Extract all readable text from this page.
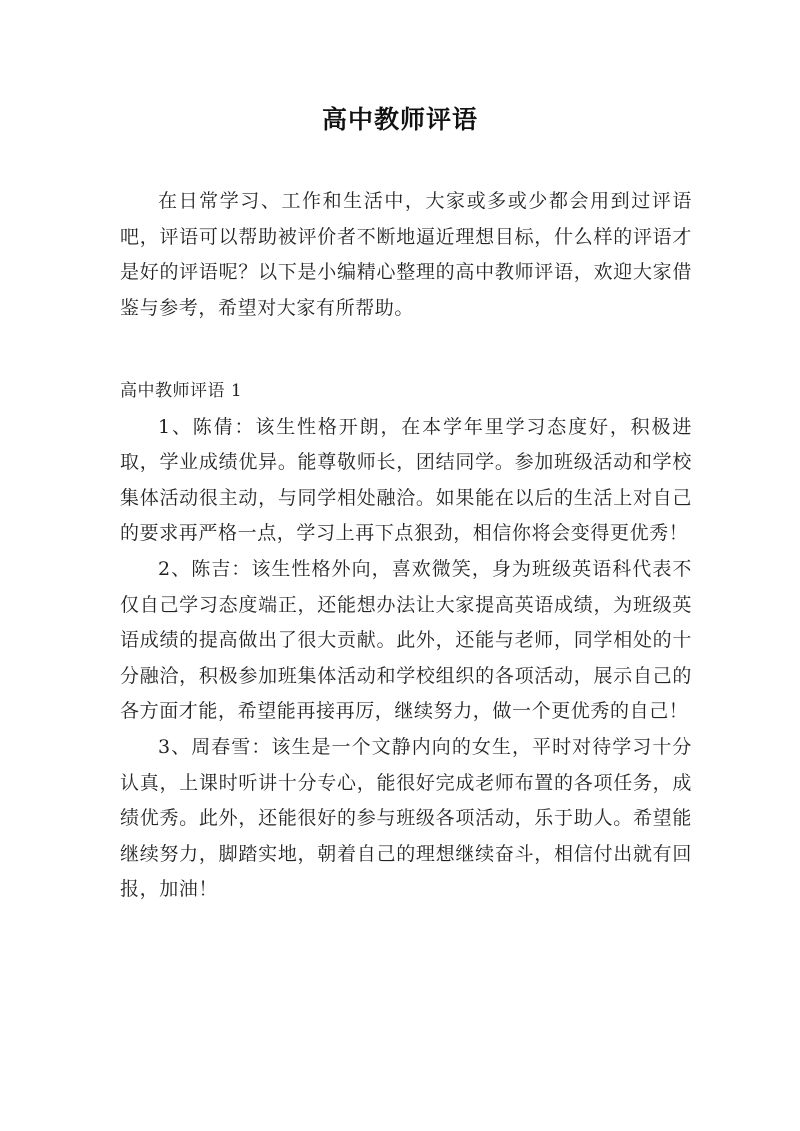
高中教师评语

在日常学习、工作和生活中，大家或多或少都会用到过评语吧，评语可以帮助被评价者不断地逼近理想目标，什么样的评语才是好的评语呢？以下是小编精心整理的高中教师评语，欢迎大家借鉴与参考，希望对大家有所帮助。

高中教师评语 1

1、陈倩：该生性格开朗，在本学年里学习态度好，积极进取，学业成绩优异。能尊敬师长，团结同学。参加班级活动和学校集体活动很主动，与同学相处融洽。如果能在以后的生活上对自己的要求再严格一点，学习上再下点狠劲，相信你将会变得更优秀！

2、陈吉：该生性格外向，喜欢微笑，身为班级英语科代表不仅自己学习态度端正，还能想办法让大家提高英语成绩，为班级英语成绩的提高做出了很大贡献。此外，还能与老师，同学相处的十分融洽，积极参加班集体活动和学校组织的各项活动，展示自己的各方面才能，希望能再接再厉，继续努力，做一个更优秀的自己！

3、周春雪：该生是一个文静内向的女生，平时对待学习十分认真，上课时听讲十分专心，能很好完成老师布置的各项任务，成绩优秀。此外，还能很好的参与班级各项活动，乐于助人。希望能继续努力，脚踏实地，朝着自己的理想继续奋斗，相信付出就有回报，加油！
